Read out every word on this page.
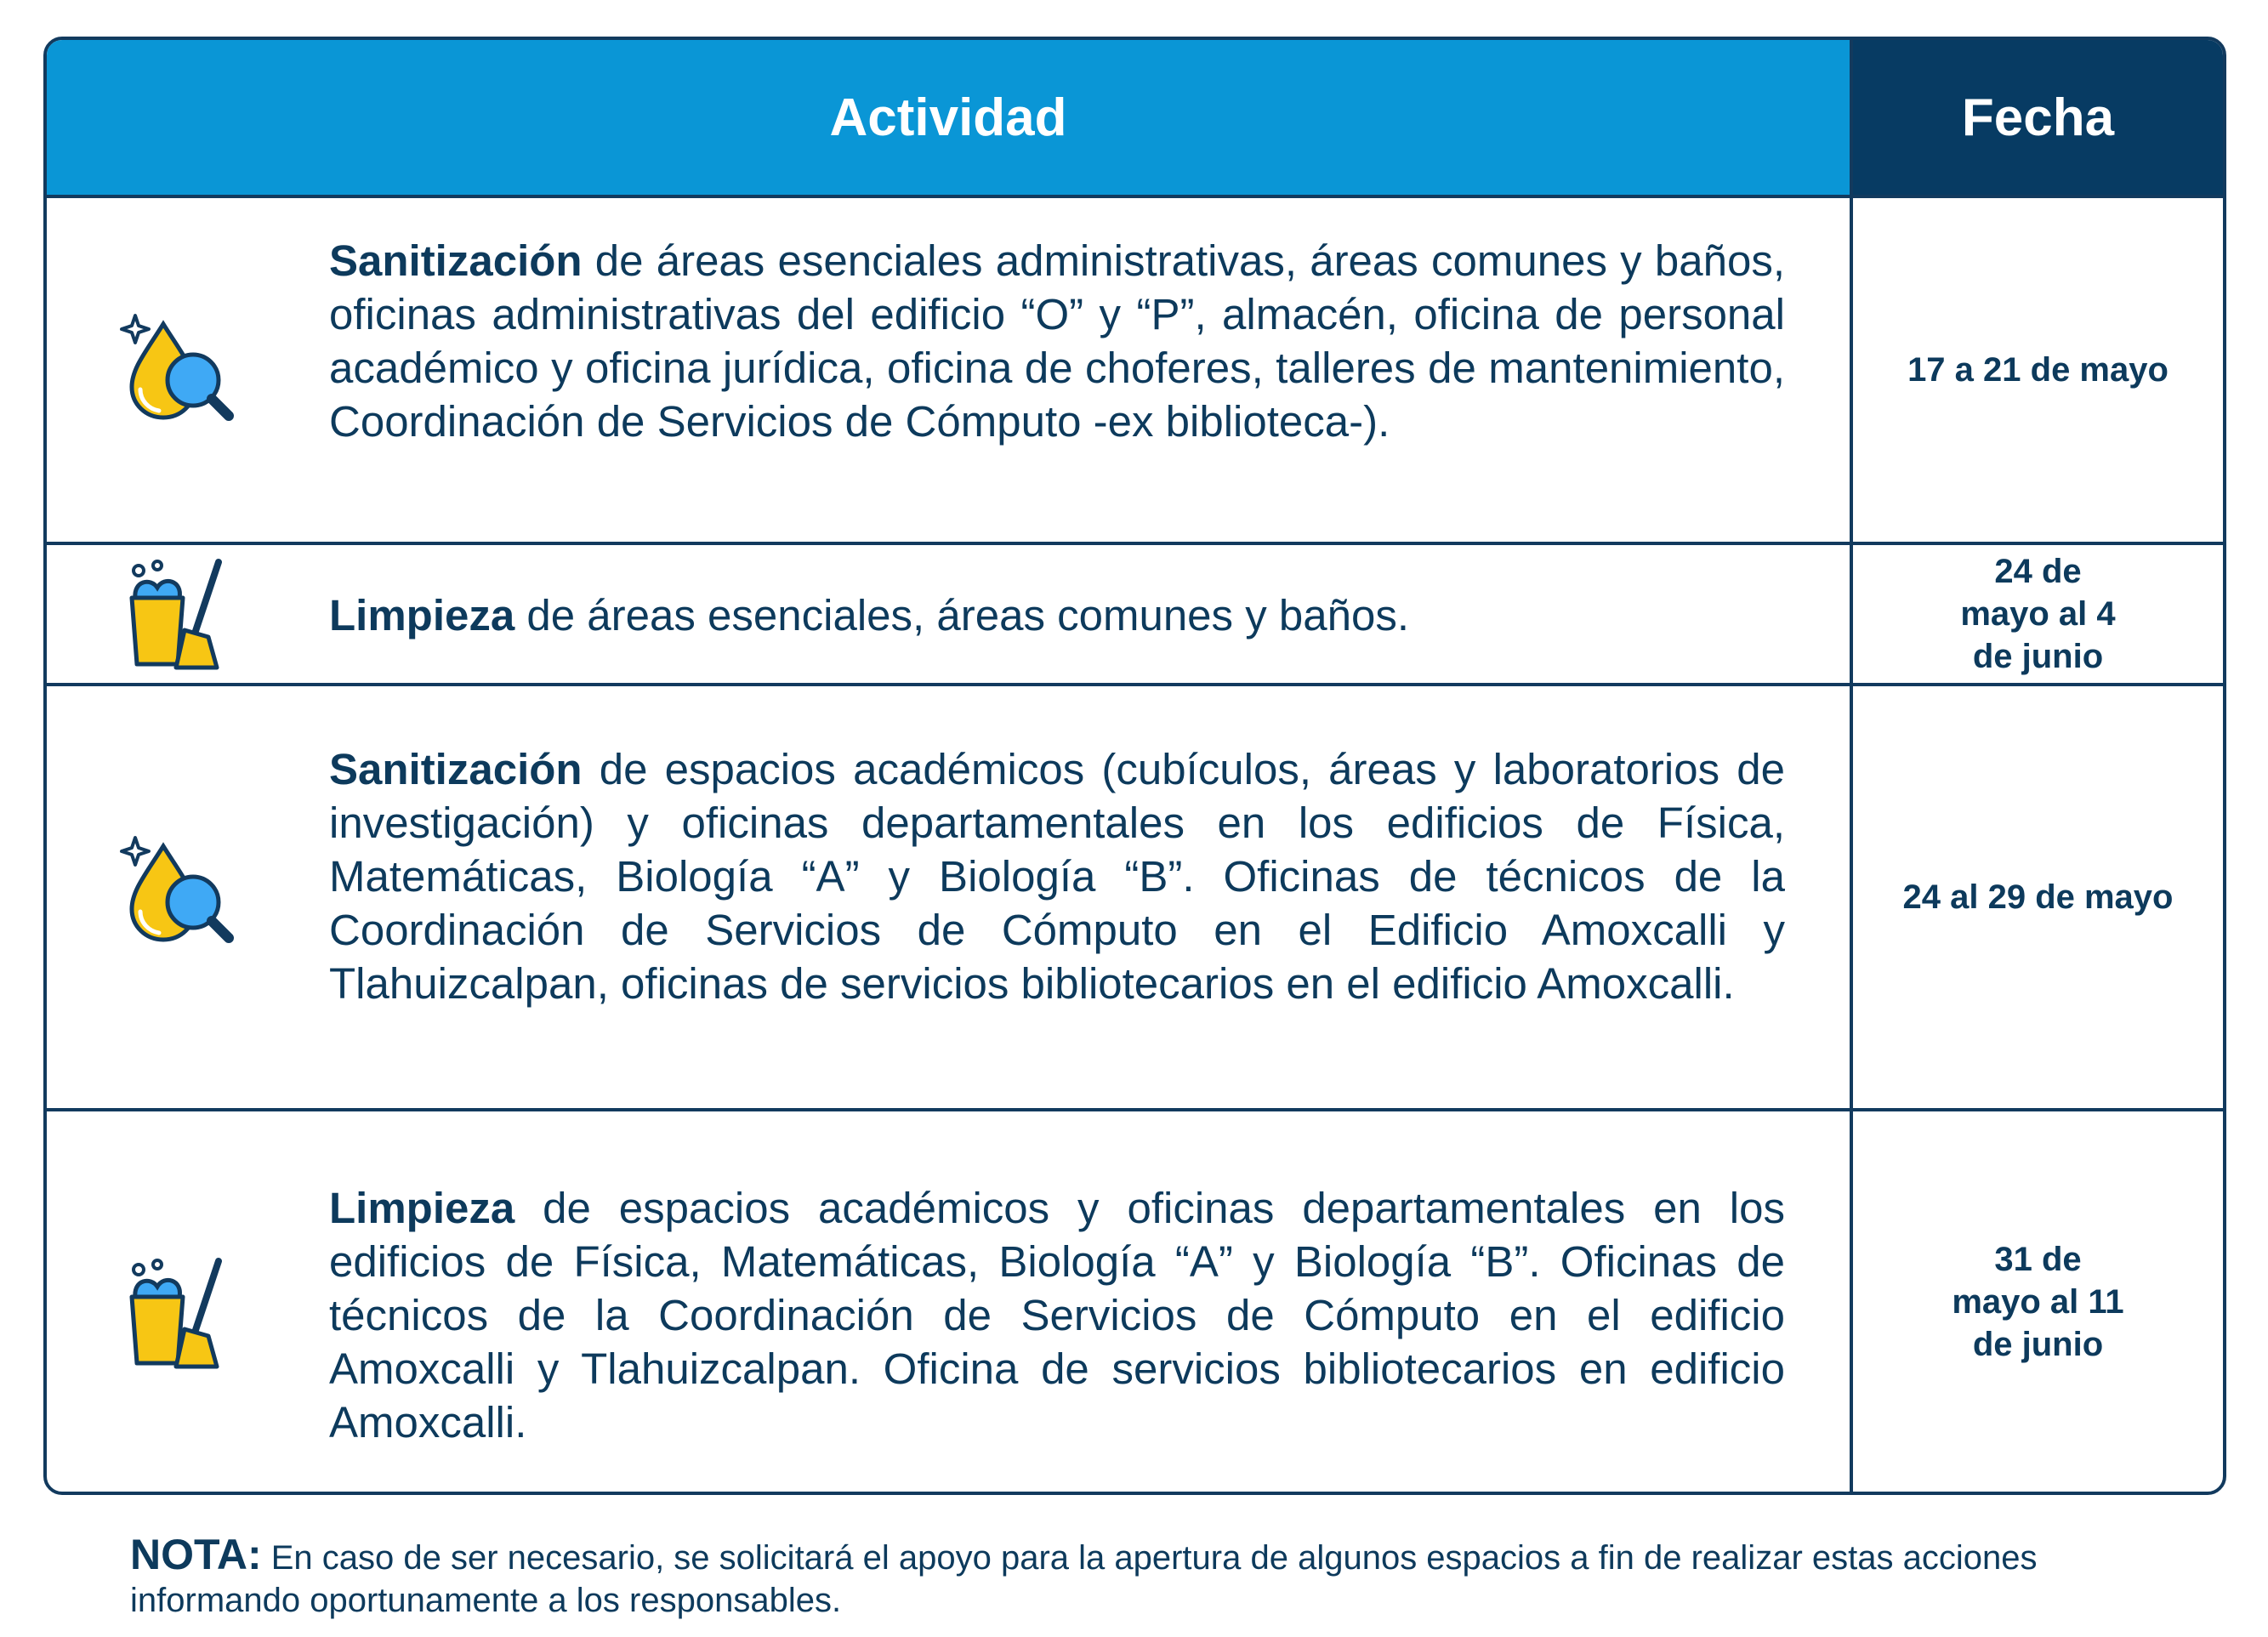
Actividad	Fecha
Sanitización de áreas esenciales administrativas, áreas comunes y baños, oficinas administrativas del edificio “O” y “P”, almacén, oficina de personal académico y oficina jurídica, oficina de choferes, talleres de mantenimiento, Coordinación de Servicios de Cómputo -ex biblioteca-).
17 a 21 de mayo
Limpieza de áreas esenciales, áreas comunes y baños.
24 de mayo al 4 de junio
Sanitización de espacios académicos (cubículos, áreas y laboratorios de investigación) y oficinas departamentales en los edificios de Física, Matemáticas, Biología “A” y Biología “B”. Oficinas de técnicos de la Coordinación de Servicios de Cómputo en el Edificio Amoxcalli y Tlahuizcalpan, oficinas de servicios bibliotecarios en el edificio Amoxcalli.
24 al 29 de mayo
Limpieza de espacios académicos y oficinas departamentales en los edificios de Física, Matemáticas, Biología “A” y Biología “B”. Oficinas de técnicos de la Coordinación de Servicios de Cómputo en el edificio Amoxcalli y Tlahuizcalpan. Oficina de servicios bibliotecarios en edificio Amoxcalli.
31 de mayo al 11 de junio
NOTA: En caso de ser necesario, se solicitará el apoyo para la apertura de algunos espacios a fin de realizar estas acciones informando oportunamente a los responsables.
